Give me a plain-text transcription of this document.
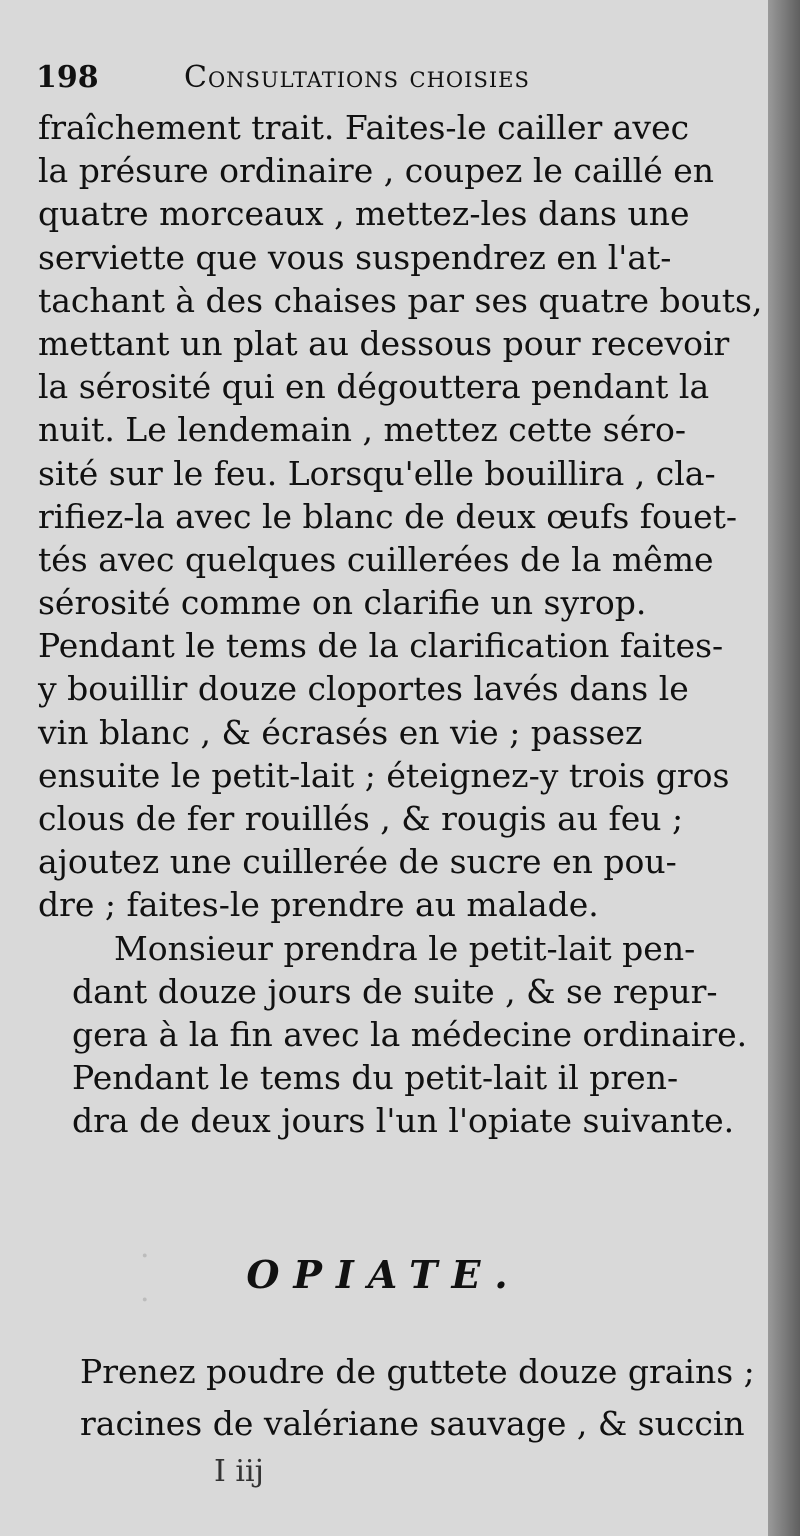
·
·
198	Consultations choisies
fraîchement trait. Faites-le cailler avec
la présure ordinaire , coupez le caillé en
quatre morceaux , mettez-les dans une
serviette que vous suspendrez en l'at-
tachant à des chaises par ses quatre bouts,
mettant un plat au dessous pour recevoir
la sérosité qui en dégouttera pendant la
nuit. Le lendemain , mettez cette séro-
sité sur le feu. Lorsqu'elle bouillira , cla-
rifiez-la avec le blanc de deux œufs fouet-
tés avec quelques cuillerées de la même
sérosité comme on clarifie un syrop.
Pendant le tems de la clarification faites-
y bouillir douze cloportes lavés dans le
vin blanc , & écrasés en vie ; passez
ensuite le petit-lait ; éteignez-y trois gros
clous de fer rouillés , & rougis au feu ;
ajoutez une cuillerée de sucre en pou-
dre ; faites-le prendre au malade.
Monsieur prendra le petit-lait pen-
dant douze jours de suite , & se repur-
gera à la fin avec la médecine ordinaire.
Pendant le tems du petit-lait il pren-
dra de deux jours l'un l'opiate suivante.
OPIATE.
Prenez poudre de guttete douze grains ;
racines de valériane sauvage , & succin
I iij
